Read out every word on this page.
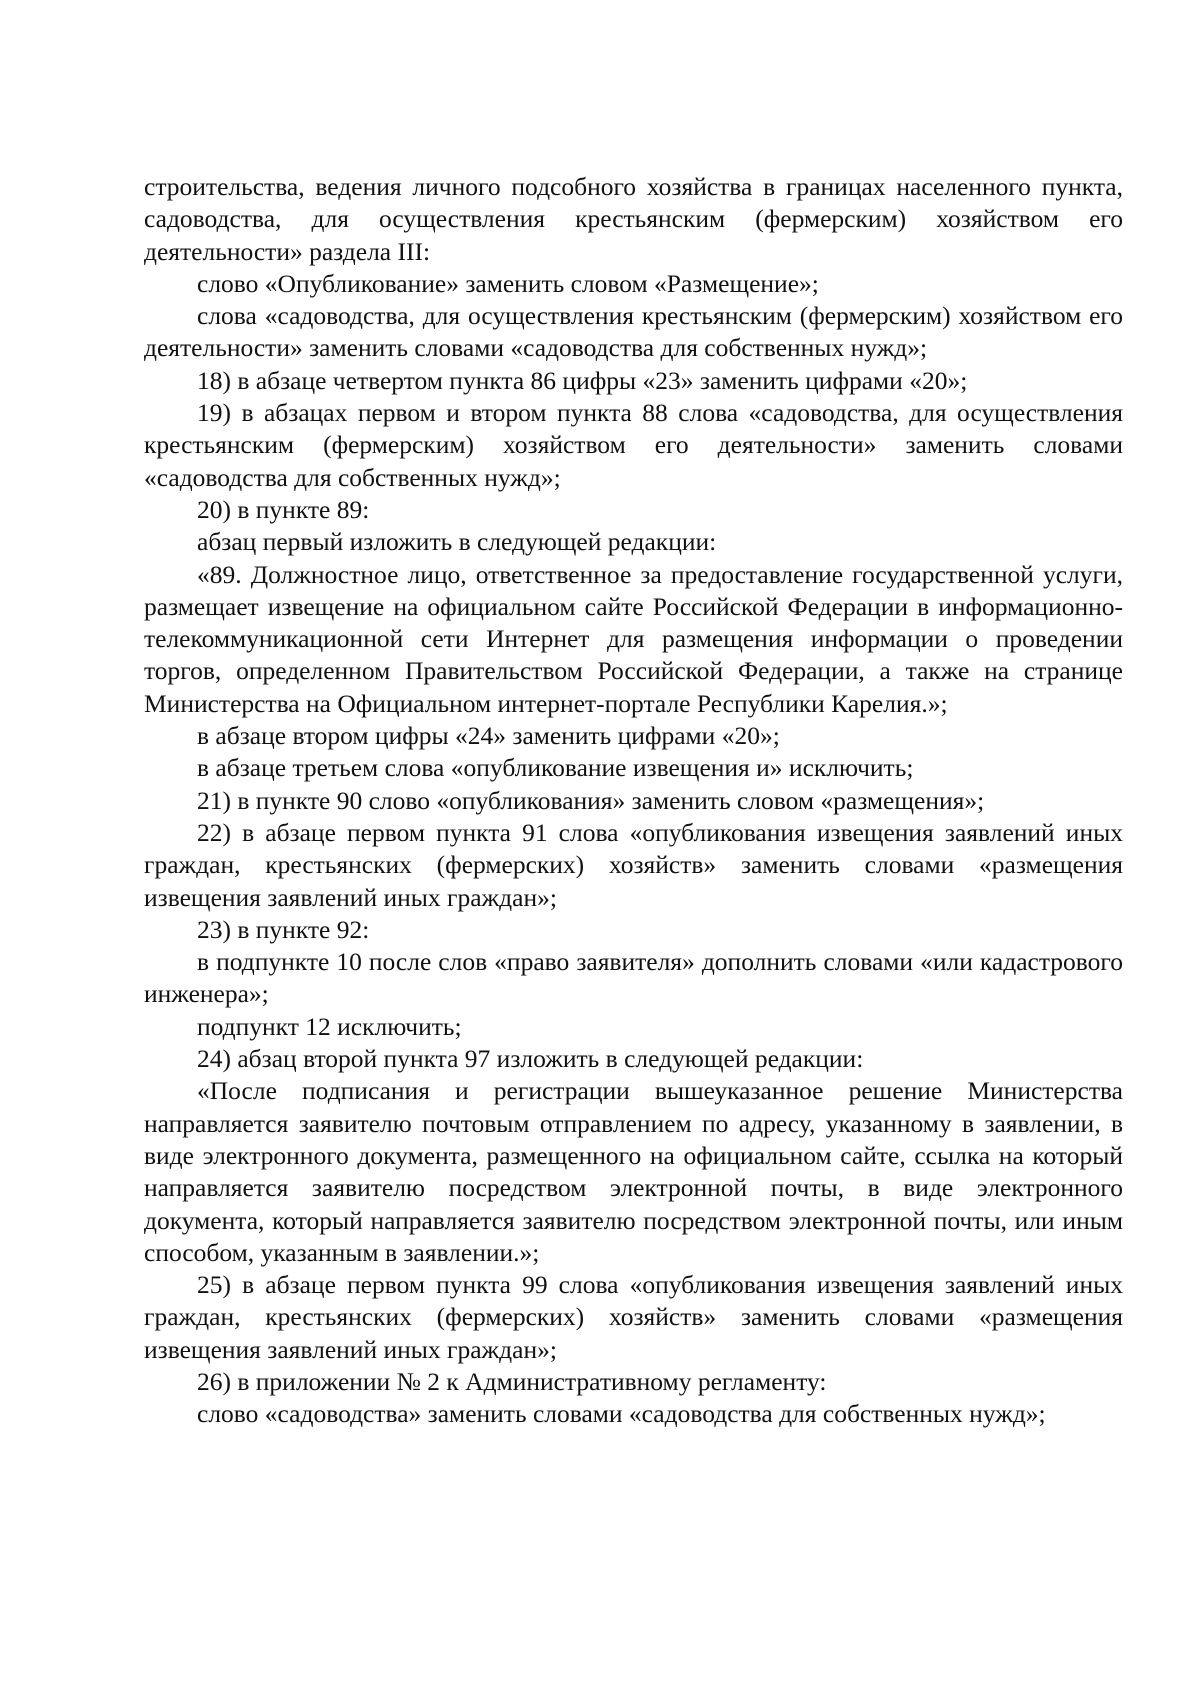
строительства, ведения личного подсобного хозяйства в границах населенного пункта, садоводства, для осуществления крестьянским (фермерским) хозяйством его деятельности» раздела III:

слово «Опубликование» заменить словом «Размещение»;

слова «садоводства, для осуществления крестьянским (фермерским) хозяйством его деятельности» заменить словами «садоводства для собственных нужд»;

18) в абзаце четвертом пункта 86 цифры «23» заменить цифрами «20»;

19) в абзацах первом и втором пункта 88 слова «садоводства, для осуществления крестьянским (фермерским) хозяйством его деятельности» заменить словами «садоводства для собственных нужд»;

20) в пункте 89:

абзац первый изложить в следующей редакции:

«89. Должностное лицо, ответственное за предоставление государственной услуги, размещает извещение на официальном сайте Российской Федерации в информационно-телекоммуникационной сети Интернет для размещения информации о проведении торгов, определенном Правительством Российской Федерации, а также на странице Министерства на Официальном интернет-портале Республики Карелия.»;

в абзаце втором цифры «24» заменить цифрами «20»;

в абзаце третьем слова «опубликование извещения и» исключить;

21) в пункте 90 слово «опубликования» заменить словом «размещения»;

22) в абзаце первом пункта 91 слова «опубликования извещения заявлений иных граждан, крестьянских (фермерских) хозяйств» заменить словами «размещения извещения заявлений иных граждан»;

23) в пункте 92:

в подпункте 10 после слов «право заявителя» дополнить словами «или кадастрового инженера»;

подпункт 12 исключить;

24) абзац второй пункта 97 изложить в следующей редакции:

«После подписания и регистрации вышеуказанное решение Министерства направляется заявителю почтовым отправлением по адресу, указанному в заявлении, в виде электронного документа, размещенного на официальном сайте, ссылка на который направляется заявителю посредством электронной почты, в виде электронного документа, который направляется заявителю посредством электронной почты, или иным способом, указанным в заявлении.»;

25) в абзаце первом пункта 99 слова «опубликования извещения заявлений иных граждан, крестьянских (фермерских) хозяйств» заменить словами «размещения извещения заявлений иных граждан»;

26) в приложении № 2 к Административному регламенту:

слово «садоводства» заменить словами «садоводства для собственных нужд»;
